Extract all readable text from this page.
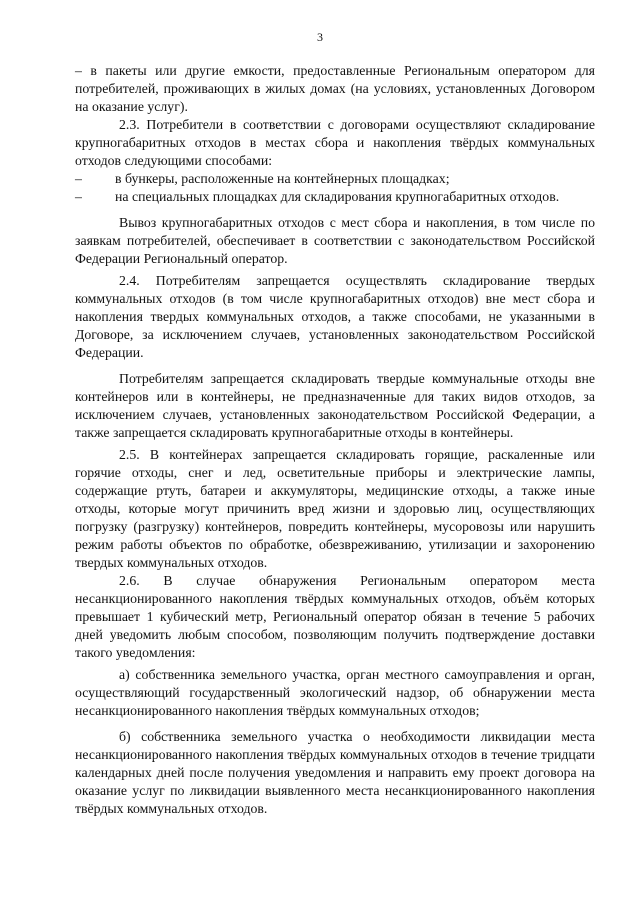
3

– в пакеты или другие емкости, предоставленные Региональным оператором для потребителей, проживающих в жилых домах (на условиях, установленных Договором на оказание услуг).

2.3. Потребители в соответствии с договорами осуществляют складирование крупногабаритных отходов в местах сбора и накопления твёрдых коммунальных отходов следующими способами:

– в бункеры, расположенные на контейнерных площадках;

– на специальных площадках для складирования крупногабаритных отходов.

Вывоз крупногабаритных отходов с мест сбора и накопления, в том числе по заявкам потребителей, обеспечивает в соответствии с законодательством Российской Федерации Региональный оператор.

2.4. Потребителям запрещается осуществлять складирование твердых коммунальных отходов (в том числе крупногабаритных отходов) вне мест сбора и накопления твердых коммунальных отходов, а также способами, не указанными в Договоре, за исключением случаев, установленных законодательством Российской Федерации.

Потребителям запрещается складировать твердые коммунальные отходы вне контейнеров или в контейнеры, не предназначенные для таких видов отходов, за исключением случаев, установленных законодательством Российской Федерации, а также запрещается складировать крупногабаритные отходы в контейнеры.

2.5. В контейнерах запрещается складировать горящие, раскаленные или горячие отходы, снег и лед, осветительные приборы и электрические лампы, содержащие ртуть, батареи и аккумуляторы, медицинские отходы, а также иные отходы, которые могут причинить вред жизни и здоровью лиц, осуществляющих погрузку (разгрузку) контейнеров, повредить контейнеры, мусоровозы или нарушить режим работы объектов по обработке, обезвреживанию, утилизации и захоронению твердых коммунальных отходов.

2.6. В случае обнаружения Региональным оператором места несанкционированного накопления твёрдых коммунальных отходов, объём которых превышает 1 кубический метр, Региональный оператор обязан в течение 5 рабочих дней уведомить любым способом, позволяющим получить подтверждение доставки такого уведомления:

а) собственника земельного участка, орган местного самоуправления и орган, осуществляющий государственный экологический надзор, об обнаружении места несанкционированного накопления твёрдых коммунальных отходов;

б) собственника земельного участка о необходимости ликвидации места несанкционированного накопления твёрдых коммунальных отходов в течение тридцати календарных дней после получения уведомления и направить ему проект договора на оказание услуг по ликвидации выявленного места несанкционированного накопления твёрдых коммунальных отходов.
